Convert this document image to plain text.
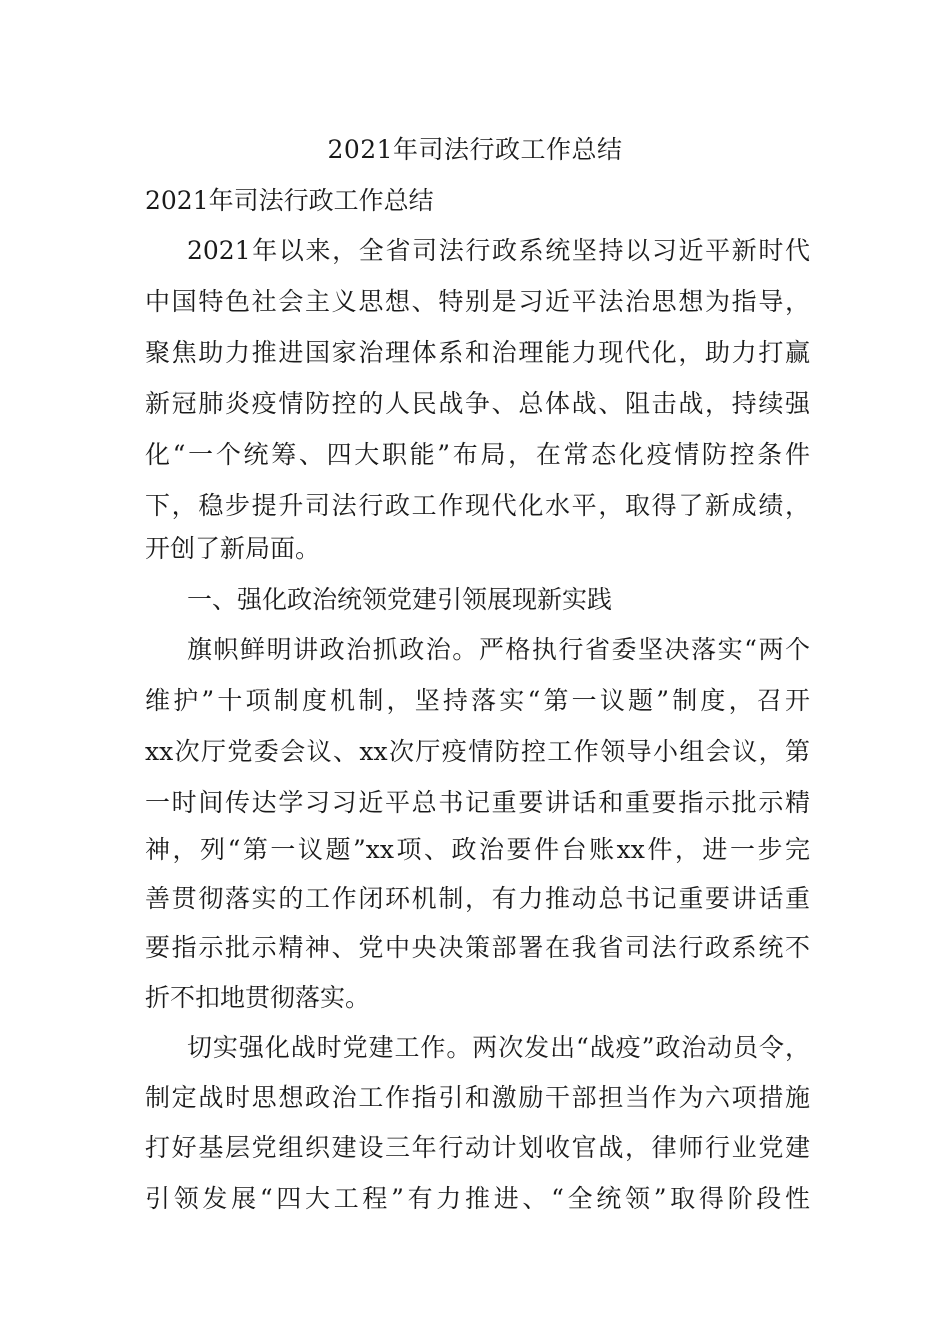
2021年司法行政工作总结

2021年司法行政工作总结

2021年以来，全省司法行政系统坚持以习近平新时代

中国特色社会主义思想、特别是习近平法治思想为指导，

聚焦助力推进国家治理体系和治理能力现代化，助力打赢

新冠肺炎疫情防控的人民战争、总体战、阻击战，持续强

化“一个统筹、四大职能”布局，在常态化疫情防控条件

下，稳步提升司法行政工作现代化水平，取得了新成绩，

开创了新局面。

一、强化政治统领党建引领展现新实践

旗帜鲜明讲政治抓政治。严格执行省委坚决落实“两个

维护”十项制度机制，坚持落实“第一议题”制度，召开

xx次厅党委会议、xx次厅疫情防控工作领导小组会议，第

一时间传达学习习近平总书记重要讲话和重要指示批示精

神，列“第一议题”xx项、政治要件台账xx件，进一步完

善贯彻落实的工作闭环机制，有力推动总书记重要讲话重

要指示批示精神、党中央决策部署在我省司法行政系统不

折不扣地贯彻落实。

切实强化战时党建工作。两次发出“战疫”政治动员令，

制定战时思想政治工作指引和激励干部担当作为六项措施

打好基层党组织建设三年行动计划收官战，律师行业党建

引领发展“四大工程”有力推进、“全统领”取得阶段性
